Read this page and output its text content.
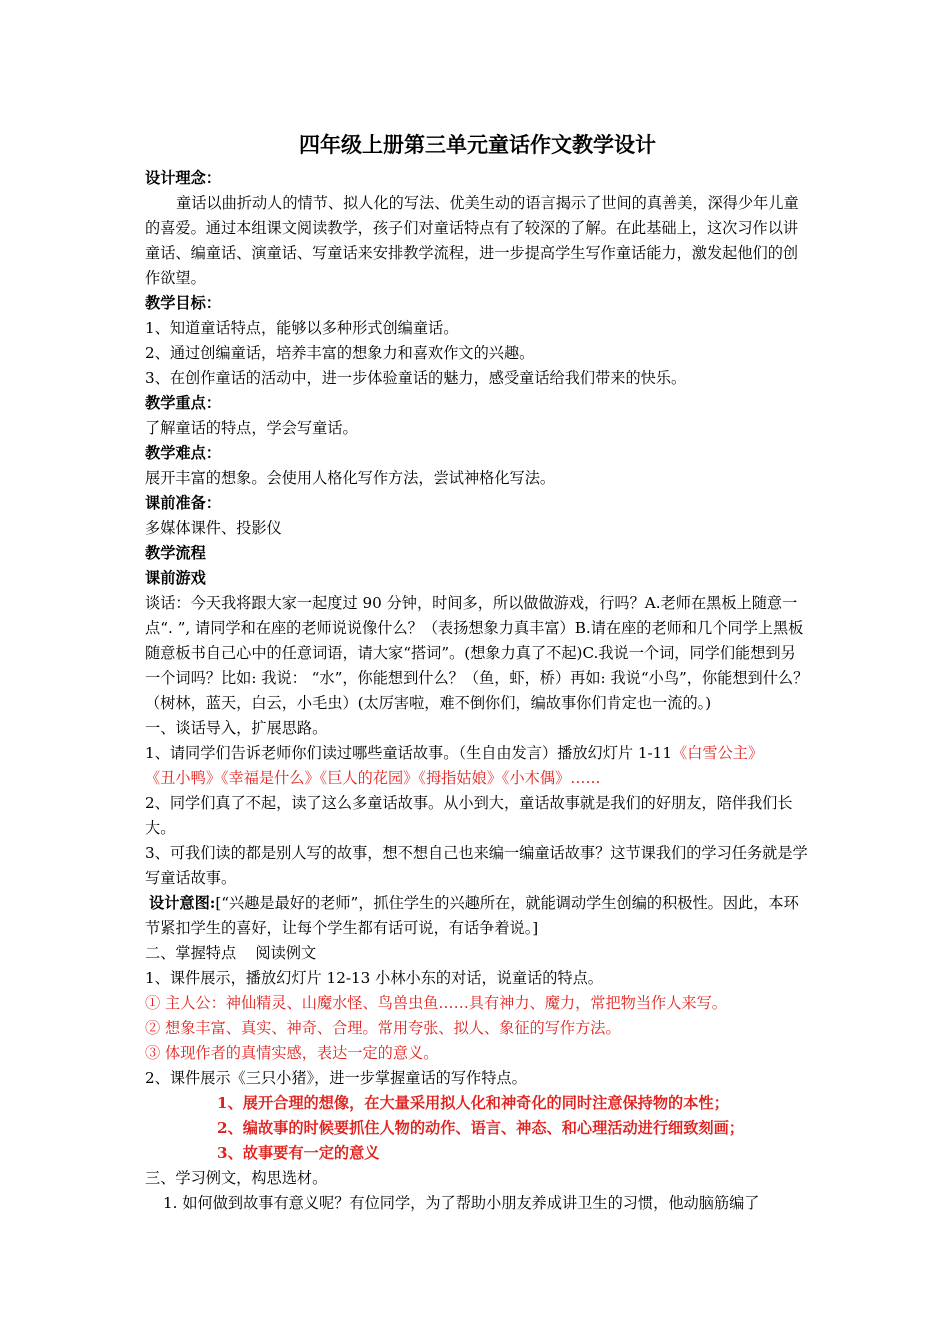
四年级上册第三单元童话作文教学设计

设计理念：

童话以曲折动人的情节、拟人化的写法、优美生动的语言揭示了世间的真善美，深得少年儿童的喜爱。通过本组课文阅读教学，孩子们对童话特点有了较深的了解。在此基础上，这次习作以讲童话、编童话、演童话、写童话来安排教学流程，进一步提高学生写作童话能力，激发起他们的创作欲望。

教学目标：

1、知道童话特点，能够以多种形式创编童话。

2、通过创编童话，培养丰富的想象力和喜欢作文的兴趣。

3、在创作童话的活动中，进一步体验童话的魅力，感受童话给我们带来的快乐。

教学重点：

了解童话的特点，学会写童话。

教学难点：

展开丰富的想象。会使用人格化写作方法，尝试神格化写法。

课前准备：

多媒体课件、投影仪

教学流程

课前游戏

谈话：今天我将跟大家一起度过 90 分钟，时间多，所以做做游戏，行吗？A.老师在黑板上随意一点“. ”, 请同学和在座的老师说说像什么？（表扬想象力真丰富）B.请在座的老师和几个同学上黑板随意板书自己心中的任意词语，请大家“搭词”。(想象力真了不起)C.我说一个词，同学们能想到另一个词吗？比如: 我说： “水”，你能想到什么？（鱼，虾，桥）再如: 我说“小鸟”，你能想到什么？（树林，蓝天，白云，小毛虫）(太厉害啦，难不倒你们，编故事你们肯定也一流的。)

一、谈话导入，扩展思路。

1、请同学们告诉老师你们读过哪些童话故事。（生自由发言）播放幻灯片 1-11《白雪公主》

《丑小鸭》《幸福是什么》《巨人的花园》《拇指姑娘》《小木偶》……

2、同学们真了不起，读了这么多童话故事。从小到大，童话故事就是我们的好朋友，陪伴我们长大。

3、可我们读的都是别人写的故事，想不想自己也来编一编童话故事？这节课我们的学习任务就是学写童话故事。

设计意图:[“兴趣是最好的老师”，抓住学生的兴趣所在，就能调动学生创编的积极性。因此，本环节紧扣学生的喜好，让每个学生都有话可说，有话争着说。]

二、掌握特点    阅读例文

1、课件展示，播放幻灯片 12-13 小林小东的对话，说童话的特点。

① 主人公：神仙精灵、山魔水怪、鸟兽虫鱼……具有神力、魔力，常把物当作人来写。

② 想象丰富、真实、神奇、合理。常用夸张、拟人、象征的写作方法。

③ 体现作者的真情实感，表达一定的意义。

2、课件展示《三只小猪》，进一步掌握童话的写作特点。

1、展开合理的想像，在大量采用拟人化和神奇化的同时注意保持物的本性；

2、编故事的时候要抓住人物的动作、语言、神态、和心理活动进行细致刻画；

3、故事要有一定的意义

三、学习例文，构思选材。

1. 如何做到故事有意义呢？有位同学，为了帮助小朋友养成讲卫生的习惯，他动脑筋编了
